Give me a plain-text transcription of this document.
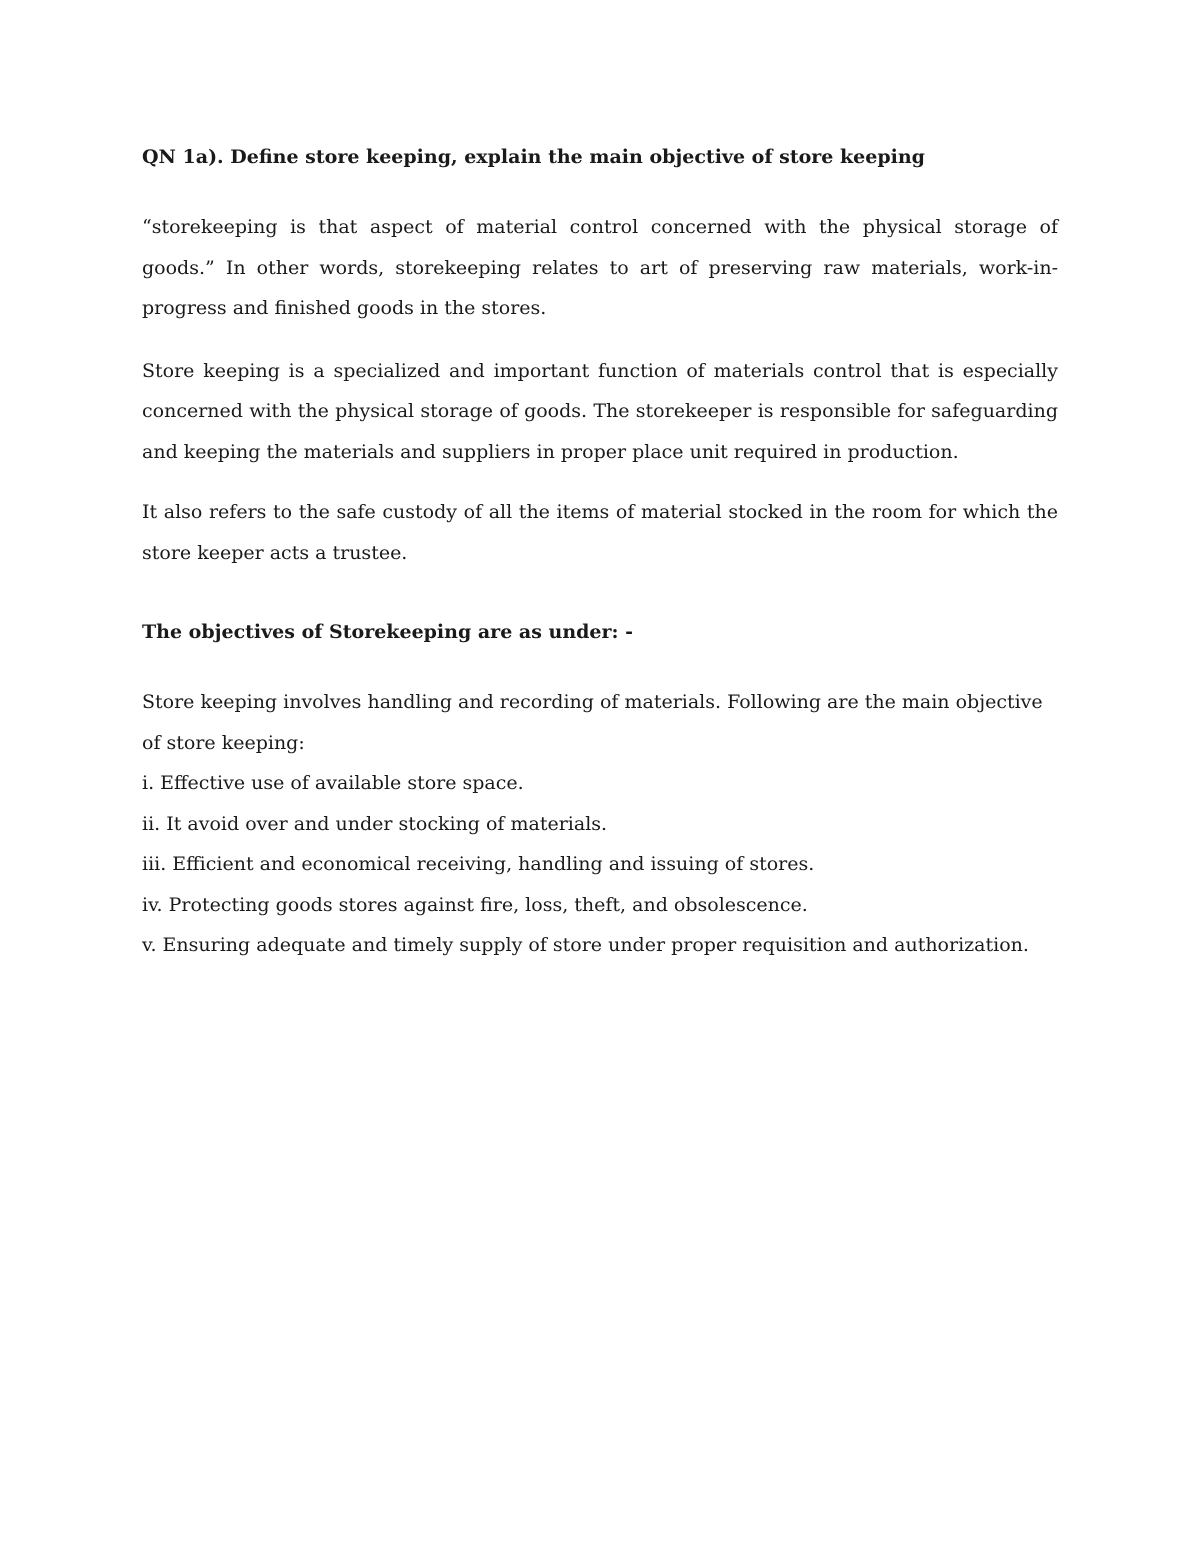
QN 1a). Define store keeping, explain the main objective of store keeping

“storekeeping is that aspect of material control concerned with the physical storage of goods.” In other words, storekeeping relates to art of preserving raw materials, work-in-progress and finished goods in the stores.

Store keeping is a specialized and important function of materials control that is especially concerned with the physical storage of goods. The storekeeper is responsible for safeguarding and keeping the materials and suppliers in proper place unit required in production.

It also refers to the safe custody of all the items of material stocked in the room for which the store keeper acts a trustee.

The objectives of Storekeeping are as under: -

Store keeping involves handling and recording of materials. Following are the main objective of store keeping:

i. Effective use of available store space.
ii. It avoid over and under stocking of materials.
iii. Efficient and economical receiving, handling and issuing of stores.
iv. Protecting goods stores against fire, loss, theft, and obsolescence.
v. Ensuring adequate and timely supply of store under proper requisition and authorization.
